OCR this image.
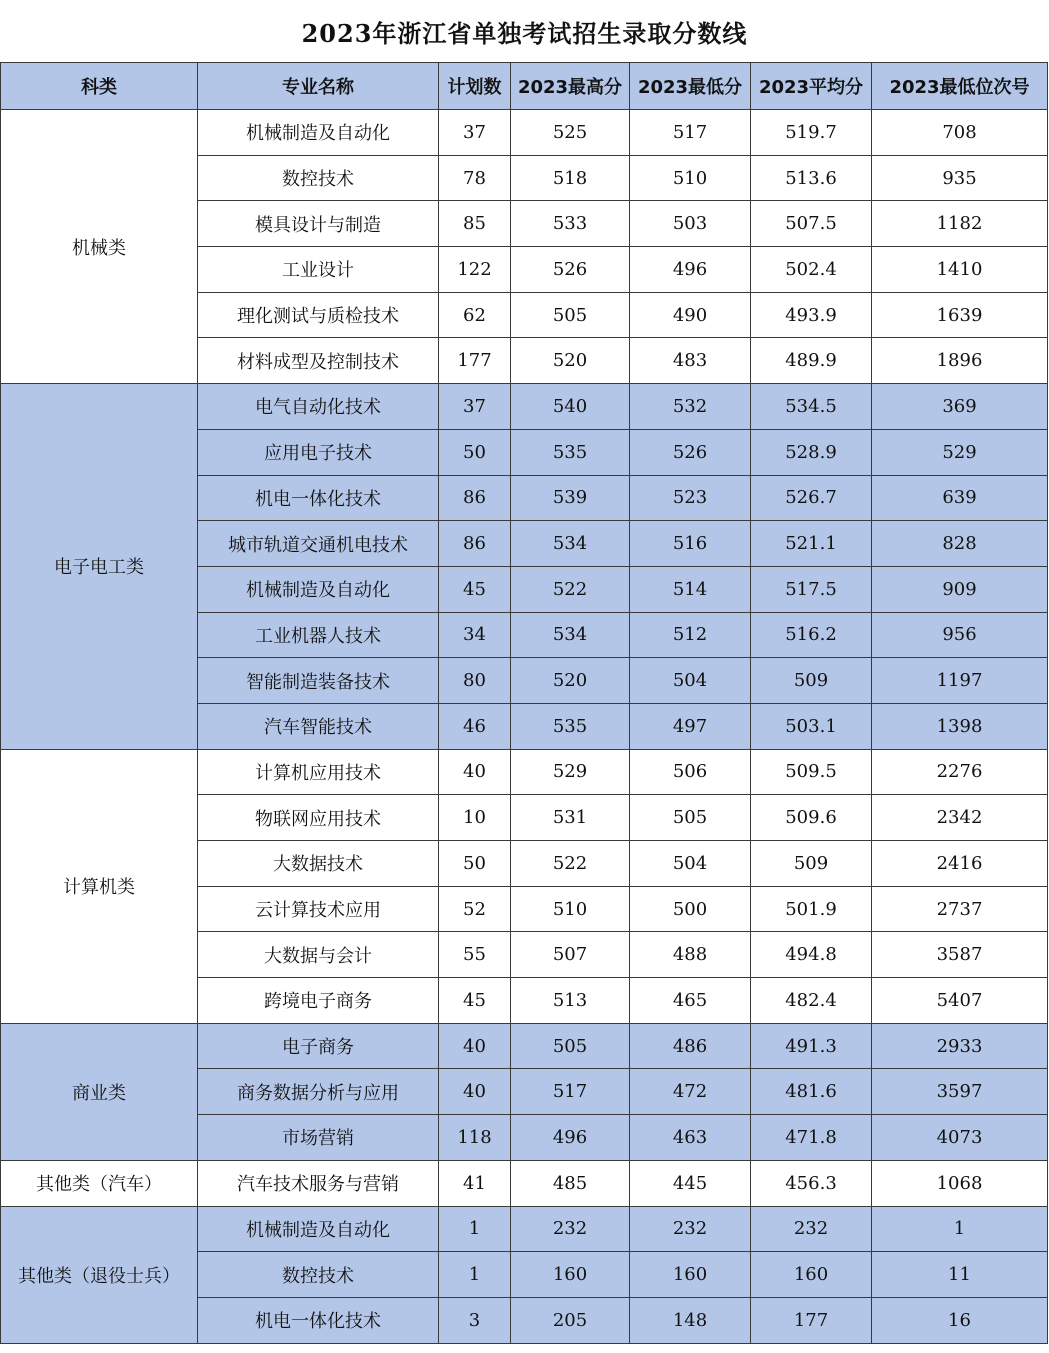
2023年浙江省单独考试招生录取分数线
科类	专业名称	计划数	2023最高分	2023最低分	2023平均分	2023最低位次号
机械类	机械制造及自动化	37	525	517	519.7	708
	数控技术	78	518	510	513.6	935
	模具设计与制造	85	533	503	507.5	1182
	工业设计	122	526	496	502.4	1410
	理化测试与质检技术	62	505	490	493.9	1639
	材料成型及控制技术	177	520	483	489.9	1896
电子电工类	电气自动化技术	37	540	532	534.5	369
	应用电子技术	50	535	526	528.9	529
	机电一体化技术	86	539	523	526.7	639
	城市轨道交通机电技术	86	534	516	521.1	828
	机械制造及自动化	45	522	514	517.5	909
	工业机器人技术	34	534	512	516.2	956
	智能制造装备技术	80	520	504	509	1197
	汽车智能技术	46	535	497	503.1	1398
计算机类	计算机应用技术	40	529	506	509.5	2276
	物联网应用技术	10	531	505	509.6	2342
	大数据技术	50	522	504	509	2416
	云计算技术应用	52	510	500	501.9	2737
	大数据与会计	55	507	488	494.8	3587
	跨境电子商务	45	513	465	482.4	5407
商业类	电子商务	40	505	486	491.3	2933
	商务数据分析与应用	40	517	472	481.6	3597
	市场营销	118	496	463	471.8	4073
其他类（汽车）	汽车技术服务与营销	41	485	445	456.3	1068
其他类（退役士兵）	机械制造及自动化	1	232	232	232	1
	数控技术	1	160	160	160	11
	机电一体化技术	3	205	148	177	16
